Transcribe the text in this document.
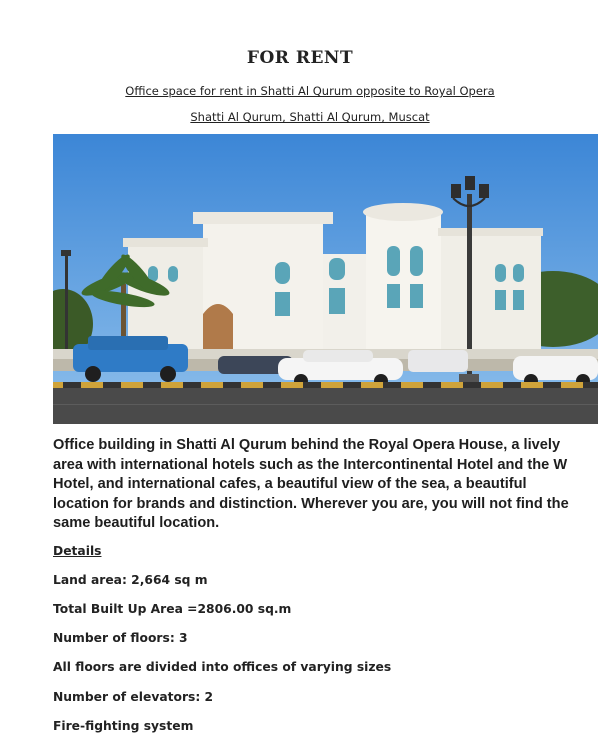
FOR RENT
Office space for rent in Shatti Al Qurum opposite to Royal Opera
Shatti Al Qurum, Shatti Al Qurum, Muscat

Office building in Shatti Al Qurum behind the Royal Opera House, a lively area with international hotels such as the Intercontinental Hotel and the W Hotel, and international cafes, a beautiful view of the sea, a beautiful location for brands and distinction. Wherever you are, you will not find the same beautiful location.

Details
Land area: 2,664 sq m
Total Built Up Area =2806.00 sq.m
Number of floors: 3
All floors are divided into offices of varying sizes
Number of elevators: 2
Fire-fighting system
